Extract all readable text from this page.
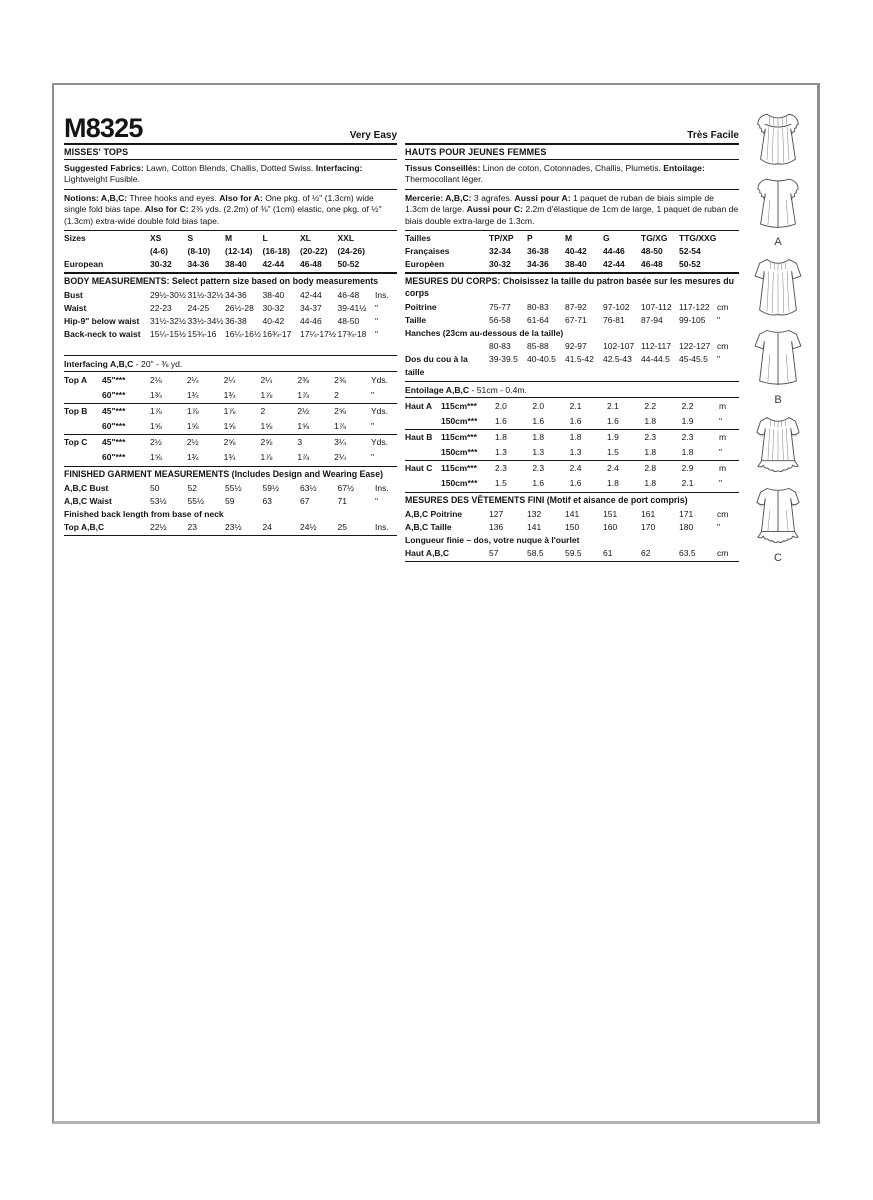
M8325	Very Easy
MISSES' TOPS
Suggested Fabrics: Lawn, Cotton Blends, Challis, Dotted Swiss. Interfacing: Lightweight Fusible.
Notions: A,B,C: Three hooks and eyes. Also for A: One pkg. of ½" (1.3cm) wide single fold bias tape. Also for C: 2⅜ yds. (2.2m) of ⅜" (1cm) elastic, one pkg. of ½" (1.3cm) extra-wide double fold bias tape.
Sizes	XS	S	M	L	XL	XXL
(4-6)	(8-10)	(12-14)	(16-18)	(20-22)	(24-26)
European	30-32	34-36	38-40	42-44	46-48	50-52
BODY MEASUREMENTS: Select pattern size based on body measurements
Bust	29½-30½ 31½-32½ 34-36	38-40	42-44	46-48	Ins.
Waist	22-23	24-25	26½-28	30-32	34-37	39-41½	"
Hip-9" below waist	31½-32½ 33½-34½ 36-38	40-42	44-46	48-50	"
Back-neck to waist	15¼-15½ 15¾-16	16¼-16½ 16¾-17	17¼-17½ 17¾-18	"
Interfacing A,B,C - 20" - ⅜ yd.
Top A	45"***	2⅛	2¼	2¼	2¼	2⅜	2⅜	Yds.
60"***	1¾	1¾	1¾	1⅞	1⅞	2	"
Top B	45"***	1⅞	1⅞	1⅞	2	2½	2⅝	Yds.
60"***	1⅝	1⅝	1⅝	1⅝	1⅝	1⅞	"
Top C	45"***	2½	2½	2⅝	2⅝	3	3¼	Yds.
60"***	1⅝	1¾	1¾	1⅞	1⅞	2¼	"
FINISHED GARMENT MEASUREMENTS (Includes Design and Wearing Ease)
A,B,C Bust	50	52	55½	59½	63½	67½	Ins.
A,B,C Waist	53½	55½	59	63	67	71	"
Finished back length from base of neck
Top A,B,C	22½	23	23½	24	24½	25	Ins.
Très Facile
HAUTS POUR JEUNES FEMMES
Tissus Conseillés: Linon de coton, Cotonnades, Challis, Plumetis. Entoilage: Thermocollant léger.
Mercerie: A,B,C: 3 agrafes. Aussi pour A: 1 paquet de ruban de biais simple de 1.3cm de large. Aussi pour C: 2.2m d'élastique de 1cm de large, 1 paquet de ruban de biais double extra-large de 1.3cm.
Tailles	TP/XP	P	M	G	TG/XG	TTG/XXG
Françaises	32-34	36-38	40-42	44-46	48-50	52-54
Europèen	30-32	34-36	38-40	42-44	46-48	50-52
MESURES DU CORPS: Choisissez la taille du patron basée sur les mesures du corps
Poitrine	75-77	80-83	87-92	97-102	107-112 117-122 cm
Taille	56-58	61-64	67-71	76-81	87-94	99-105	"
Hanches (23cm au-dessous de la taille)
80-83	85-88	92-97	102-107 112-117 122-127 cm
Dos du cou à la taille
39-39.5	40-40.5	41.5-42	42.5-43	44-44.5	45-45.5	"
Entoilage A,B,C - 51cm - 0.4m.
Haut A	115cm***	2.0	2.0	2.1	2.1	2.2	2.2	m
150cm***	1.6	1.6	1.6	1.6	1.8	1.9	"
Haut B	115cm***	1.8	1.8	1.8	1.9	2.3	2.3	m
150cm***	1.3	1.3	1.3	1.5	1.8	1.8	"
Haut C	115cm***	2.3	2.3	2.4	2.4	2.8	2.9	m
150cm***	1.5	1.6	1.6	1.8	1.8	2.1	"
MESURES DES VÊTEMENTS FINI (Motif et aisance de port compris)
A,B,C Poitrine	127	132	141	151	161	171	cm
A,B,C Taille	136	141	150	160	170	180	"
Longueur finie – dos, votre nuque à l'ourlet
Haut A,B,C	57	58.5	59.5	61	62	63.5	cm
A
B
C
